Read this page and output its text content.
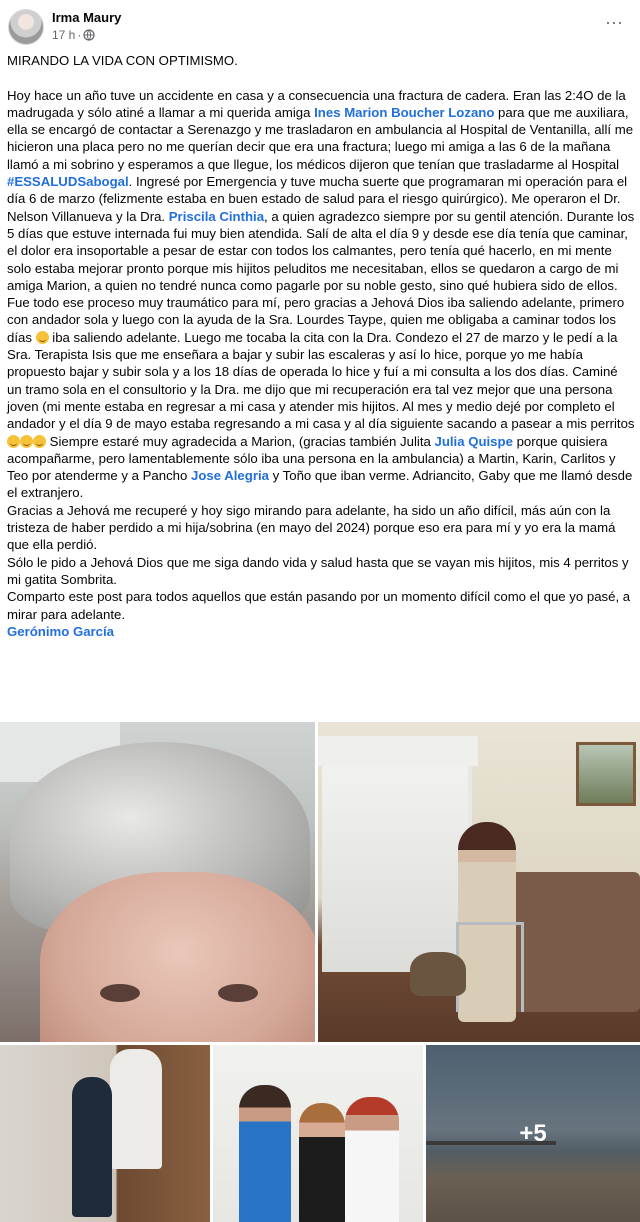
Irma Maury
17 h ·
···

MIRANDO LA VIDA CON OPTIMISMO.

Hoy hace un año tuve un accidente en casa y a consecuencia una fractura de cadera. Eran las 2:4O de la madrugada y sólo atiné a llamar a mi querida amiga Ines Marion Boucher Lozano para que me auxiliara, ella se encargó de contactar a Serenazgo y me trasladaron en ambulancia al Hospital de Ventanilla, allí me hicieron una placa pero no me querían decir que era una fractura; luego mi amiga a las 6 de la mañana llamó a mi sobrino y esperamos a que llegue, los médicos dijeron que tenían que trasladarme al Hospital #ESSALUDSabogal. Ingresé por Emergencia y tuve mucha suerte que programaran mi operación para el día 6 de marzo (felizmente estaba en buen estado de salud para el riesgo quirúrgico). Me operaron el Dr. Nelson Villanueva y la Dra. Priscila Cinthia, a quien agradezco siempre por su gentil atención. Durante los 5 días que estuve internada fui muy bien atendida. Salí de alta el día 9 y desde ese día tenía que caminar, el dolor era insoportable a pesar de estar con todos los calmantes, pero tenía qué hacerlo, en mi mente solo estaba mejorar pronto porque mis hijitos peluditos me necesitaban, ellos se quedaron a cargo de mi amiga Marion, a quien no tendré nunca como pagarle por su noble gesto, sino qué hubiera sido de ellos. Fue todo ese proceso muy traumático para mí, pero gracias a Jehová Dios iba saliendo adelante, primero con andador sola y luego con la ayuda de la Sra. Lourdes Taype, quien me obligaba a caminar todos los días  iba saliendo adelante. Luego me tocaba la cita con la Dra. Condezo el 27 de marzo y le pedí a la Sra. Terapista Isis que me enseñara a bajar y subir las escaleras y así lo hice, porque yo me había propuesto bajar y subir sola y a los 18 días de operada lo hice y fuí a mi consulta a los dos días. Caminé un tramo sola en el consultorio y la Dra. me dijo que mi recuperación era tal vez mejor que una persona joven (mi mente estaba en regresar a mi casa y atender mis hijitos. Al mes y medio dejé por completo el andador y el día 9 de mayo estaba regresando a mi casa y al día siguiente sacando a pasear a mis perritos  Siempre estaré muy agradecida a Marion, (gracias también Julita Julia Quispe porque quisiera acompañarme, pero lamentablemente sólo iba una persona en la ambulancia) a Martin, Karin, Carlitos y Teo por atenderme y a Pancho Jose Alegria y Toño que iban verme. Adriancito, Gaby que me llamó desde el extranjero.

Gracias a Jehová me recuperé y hoy sigo mirando para adelante, ha sido un año difícil, más aún con la tristeza de haber perdido a mi hija/sobrina (en mayo del 2024) porque eso era para mí y yo era la mamá que ella perdió.

Sólo le pido a Jehová Dios que me siga dando vida y salud hasta que se vayan mis hijitos, mis 4 perritos y mi gatita Sombrita.

Comparto este post para todos aquellos que están pasando por un momento difícil como el que yo pasé, a mirar para adelante.

Gerónimo García

+5
